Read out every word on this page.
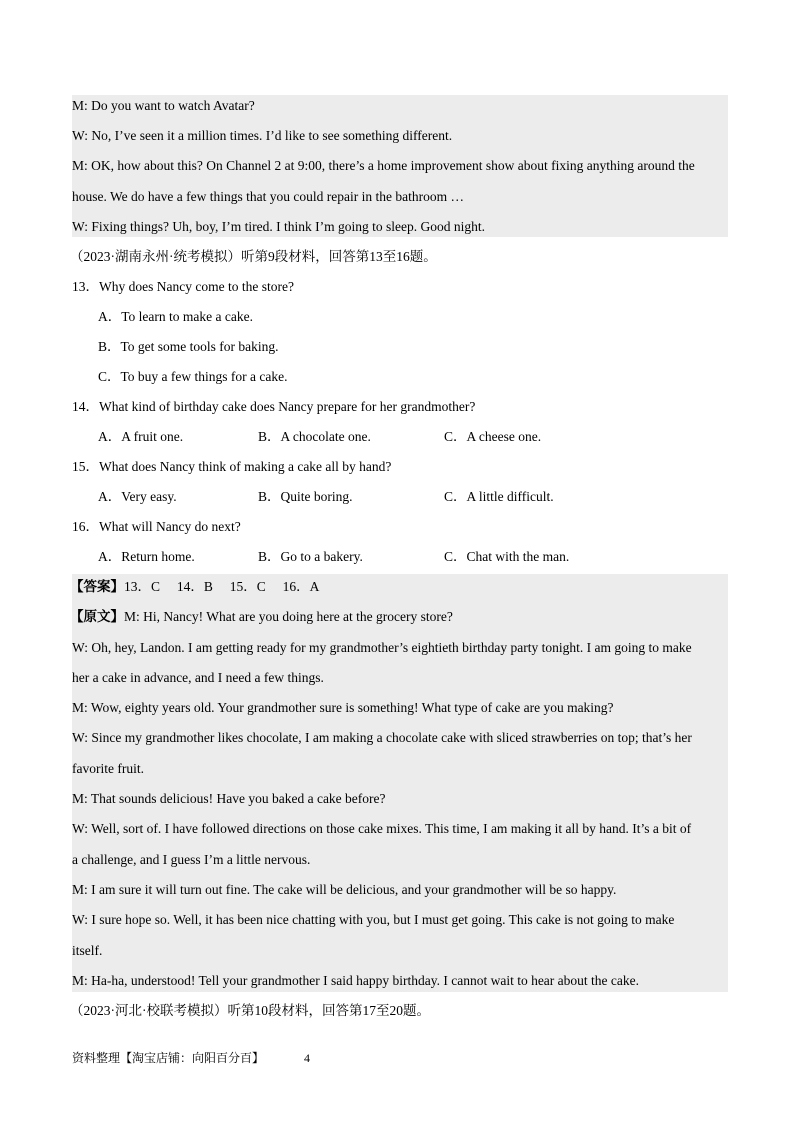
M: Do you want to watch Avatar?
W: No, I’ve seen it a million times. I’d like to see something different.
M: OK, how about this? On Channel 2 at 9:00, there’s a home improvement show about fixing anything around the
house. We do have a few things that you could repair in the bathroom …
W: Fixing things? Uh, boy, I’m tired. I think I’m going to sleep. Good night.
（2023·湖南永州·统考模拟）听第9段材料，回答第13至16题。
13．Why does Nancy come to the store?
A．To learn to make a cake.
B．To get some tools for baking.
C．To buy a few things for a cake.
14．What kind of birthday cake does Nancy prepare for her grandmother?
A．A fruit one.	B．A chocolate one.	C．A cheese one.
15．What does Nancy think of making a cake all by hand?
A．Very easy.	B．Quite boring.	C．A little difficult.
16．What will Nancy do next?
A．Return home.	B．Go to a bakery.	C．Chat with the man.
【答案】13．C　 14．B　 15．C　 16．A
【原文】M: Hi, Nancy! What are you doing here at the grocery store?
W: Oh, hey, Landon. I am getting ready for my grandmother’s eightieth birthday party tonight. I am going to make
her a cake in advance, and I need a few things.
M: Wow, eighty years old. Your grandmother sure is something! What type of cake are you making?
W: Since my grandmother likes chocolate, I am making a chocolate cake with sliced strawberries on top; that’s her
favorite fruit.
M: That sounds delicious! Have you baked a cake before?
W: Well, sort of. I have followed directions on those cake mixes. This time, I am making it all by hand. It’s a bit of
a challenge, and I guess I’m a little nervous.
M: I am sure it will turn out fine. The cake will be delicious, and your grandmother will be so happy.
W: I sure hope so. Well, it has been nice chatting with you, but I must get going. This cake is not going to make
itself.
M: Ha-ha, understood! Tell your grandmother I said happy birthday. I cannot wait to hear about the cake.
（2023·河北·校联考模拟）听第10段材料，回答第17至20题。
资料整理【淘宝店铺：向阳百分百】	4
